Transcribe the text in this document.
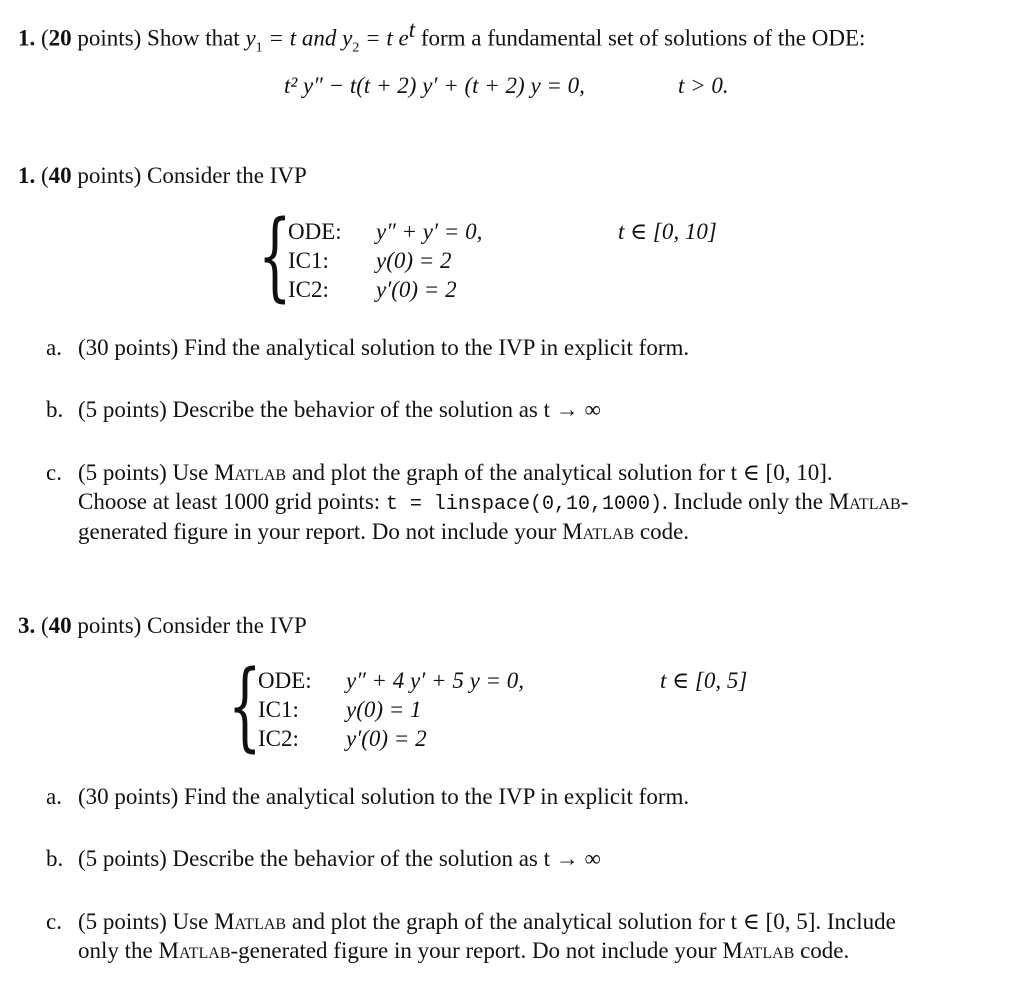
1. (20 points) Show that $y_1 = t$ and $y_2 = t$ $e^t$ form a fundamental set of solutions of the ODE:
t² y″ − t(t + 2) y′ + (t + 2) y = 0,	t > 0.
1. (40 points) Consider the IVP
{
ODE: y″ + y′ = 0,	t ∈ [0, 10]
IC1: y(0) = 2
IC2: y′(0) = 2
a. (30 points) Find the analytical solution to the IVP in explicit form.
b. (5 points) Describe the behavior of the solution as t → ∞
c. (5 points) Use Matlab and plot the graph of the analytical solution for t ∈ [0, 10].
Choose at least 1000 grid points: t = linspace(0,10,1000). Include only the Matlab-
generated figure in your report. Do not include your Matlab code.
3. (40 points) Consider the IVP
{
ODE: y″ + 4 y′ + 5 y = 0,	t ∈ [0, 5]
IC1: y(0) = 1
IC2: y′(0) = 2
a. (30 points) Find the analytical solution to the IVP in explicit form.
b. (5 points) Describe the behavior of the solution as t → ∞
c. (5 points) Use Matlab and plot the graph of the analytical solution for t ∈ [0, 5]. Include
only the Matlab-generated figure in your report. Do not include your Matlab code.
